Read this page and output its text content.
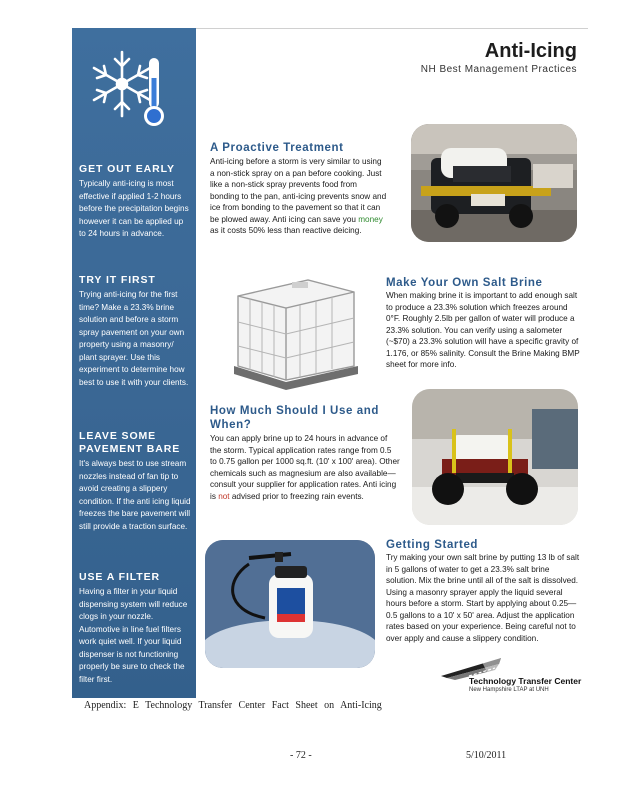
GET OUT EARLY

Typically anti-icing is most effective if applied 1-2 hours before the precipitation begins however it can be applied up to 24 hours in advance.

TRY IT FIRST

Trying anti-icing for the first time? Make a 23.3% brine solution and before a storm spray pavement on your own property using a masonry/ plant sprayer. Use this experiment to determine how best to use it with your clients.

LEAVE SOME PAVEMENT BARE

It's always best to use stream nozzles instead of fan tip to avoid creating a slippery condition. If the anti icing liquid freezes the bare pavement will still provide a traction surface.

USE A FILTER

Having a filter in your liquid dispensing system will reduce clogs in your nozzle. Automotive in line fuel filters work quiet well. If your liquid dispenser is not functioning properly be sure to check the filter first.

Anti-Icing
NH Best Management Practices

A Proactive Treatment

Anti-icing before a storm is very similar to using a non-stick spray on a pan before cooking. Just like a non-stick spray prevents food from bonding to the pan, anti-icing prevents snow and ice from bonding to the pavement so that it can be plowed away. Anti icing can save you money as it costs 50% less than reactive deicing.

Make Your Own Salt Brine

When making brine it is important to add enough salt to produce a 23.3% solution which freezes around 0°F. Roughly 2.5lb per gallon of water will produce a 23.3% solution. You can verify using a salometer (~$70) a 23.3% solution will have a specific gravity of 1.176, or 85% salinity. Consult the Brine Making BMP sheet for more info.

How Much Should I Use and When?

You can apply brine up to 24 hours in advance of the storm. Typical application rates range from 0.5 to 0.75 gallon per 1000 sq.ft. (10' x 100' area). Other chemicals such as magnesium are also available—consult your supplier for application rates. Anti icing is not advised prior to freezing rain events.

Getting Started

Try making your own salt brine by putting 13 lb of salt in 5 gallons of water to get a 23.3% salt brine solution. Mix the brine until all of the salt is dissolved. Using a masonry sprayer apply the liquid several hours before a storm. Start by applying about 0.25—0.5 gallons to a 10' x 50' area. Adjust the application rates based on your experience. Being careful not to over apply and cause a slippery condition.

Technology Transfer Center
New Hampshire LTAP at UNH
Appendix: E Technology Transfer Center Fact Sheet on Anti-Icing
- 72 -	5/10/2011
